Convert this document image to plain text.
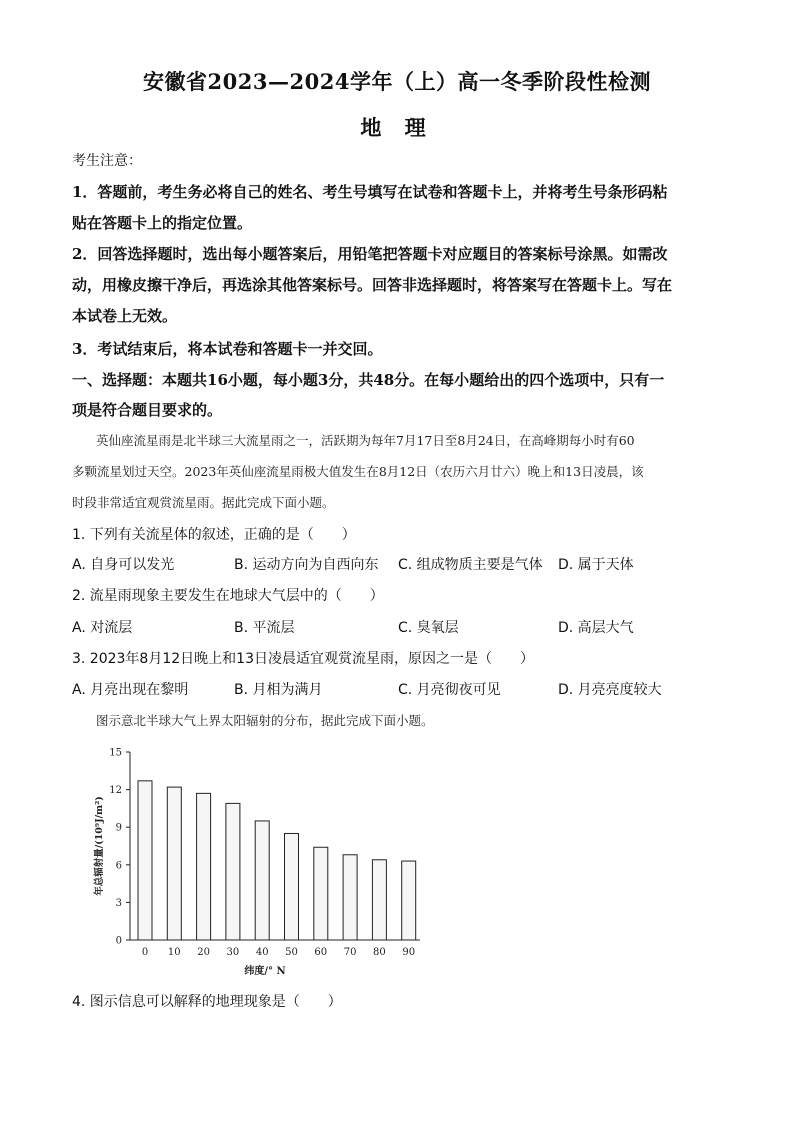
安徽省2023—2024学年（上）高一冬季阶段性检测
地 理
考生注意：
1．答题前，考生务必将自己的姓名、考生号填写在试卷和答题卡上，并将考生号条形码粘
贴在答题卡上的指定位置。
2．回答选择题时，选出每小题答案后，用铅笔把答题卡对应题目的答案标号涂黑。如需改
动，用橡皮擦干净后，再选涂其他答案标号。回答非选择题时，将答案写在答题卡上。写在
本试卷上无效。
3．考试结束后，将本试卷和答题卡一并交回。
一、选择题：本题共16小题，每小题3分，共48分。在每小题给出的四个选项中，只有一
项是符合题目要求的。
英仙座流星雨是北半球三大流星雨之一，活跃期为每年7月17日至8月24日，在高峰期每小时有60
多颗流星划过天空。2023年英仙座流星雨极大值发生在8月12日（农历六月廿六）晚上和13日凌晨，该
时段非常适宜观赏流星雨。据此完成下面小题。
1. 下列有关流星体的叙述，正确的是（　　）
A. 自身可以发光	B. 运动方向为自西向东 C. 组成物质主要是气体 D. 属于天体
2. 流星雨现象主要发生在地球大气层中的（　　）
A. 对流层	B. 平流层	C. 臭氧层	D. 高层大气
3. 2023年8月12日晚上和13日凌晨适宜观赏流星雨，原因之一是（　　）
A. 月亮出现在黎明	B. 月相为满月	C. 月亮彻夜可见	D. 月亮亮度较大
图示意北半球大气上界太阳辐射的分布，据此完成下面小题。
0
3
6
9
12
15
0 10 20 30 40 50 60 70 80 90
年总辐射量/(10⁹J/m²)
纬度/° N
4. 图示信息可以解释的地理现象是（　　）
